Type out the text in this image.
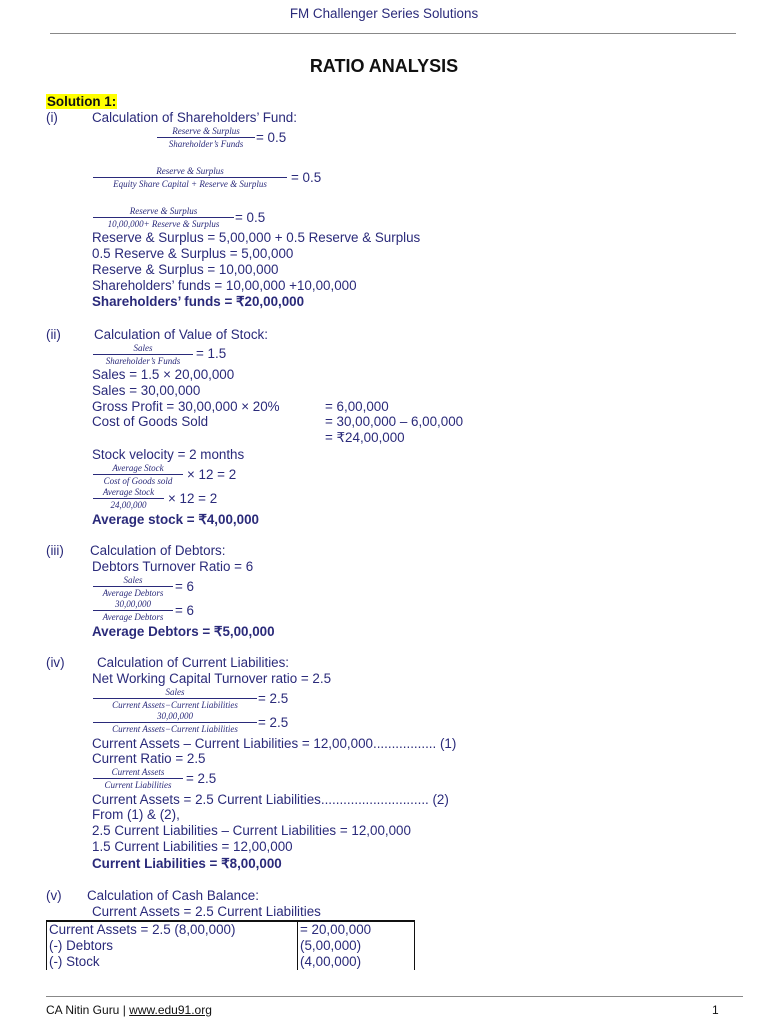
FM Challenger Series Solutions
RATIO ANALYSIS
Solution 1:
(i)	Calculation of Shareholders’ Fund:
Reserve & Surplus
Shareholder’s Funds = 0.5
Reserve & Surplus
Equity Share Capital + Reserve & Surplus	= 0.5
Reserve & Surplus
10,00,000+ Reserve & Surplus	= 0.5
Reserve & Surplus = 5,00,000 + 0.5 Reserve & Surplus
0.5 Reserve & Surplus = 5,00,000
Reserve & Surplus = 10,00,000
Shareholders’ funds = 10,00,000 +10,00,000
Shareholders’ funds = ₹20,00,000
(ii) Calculation of Value of Stock:
Sales
Shareholder’s Funds	= 1.5
Sales = 1.5 × 20,00,000
Sales = 30,00,000
Gross Profit = 30,00,000 × 20%	= 6,00,000
Cost of Goods Sold	= 30,00,000 – 6,00,000
= ₹24,00,000
Stock velocity = 2 months
Average Stock
Cost of Goods sold	× 12 = 2
Average Stock
24,00,000	× 12 = 2
Average stock = ₹4,00,000
(iii) Calculation of Debtors:
Debtors Turnover Ratio = 6
Sales
Average Debtors = 6
30,00,000
Average Debtors = 6
Average Debtors = ₹5,00,000
(iv) Calculation of Current Liabilities:
Net Working Capital Turnover ratio = 2.5
Sales
Current Assets−Current Liabilities	= 2.5
30,00,000
Current Assets−Current Liabilities	= 2.5
Current Assets – Current Liabilities = 12,00,000................. (1)
Current Ratio = 2.5
Current Assets
Current Liabilities	= 2.5
Current Assets = 2.5 Current Liabilities............................. (2)
From (1) & (2),
2.5 Current Liabilities – Current Liabilities = 12,00,000
1.5 Current Liabilities = 12,00,000
Current Liabilities = ₹8,00,000
(v) Calculation of Cash Balance:
Current Assets = 2.5 Current Liabilities
Current Assets = 2.5 (8,00,000)	= 20,00,000
(-) Debtors	(5,00,000)
(-) Stock	(4,00,000)
CA Nitin Guru | www.edu91.org	1
